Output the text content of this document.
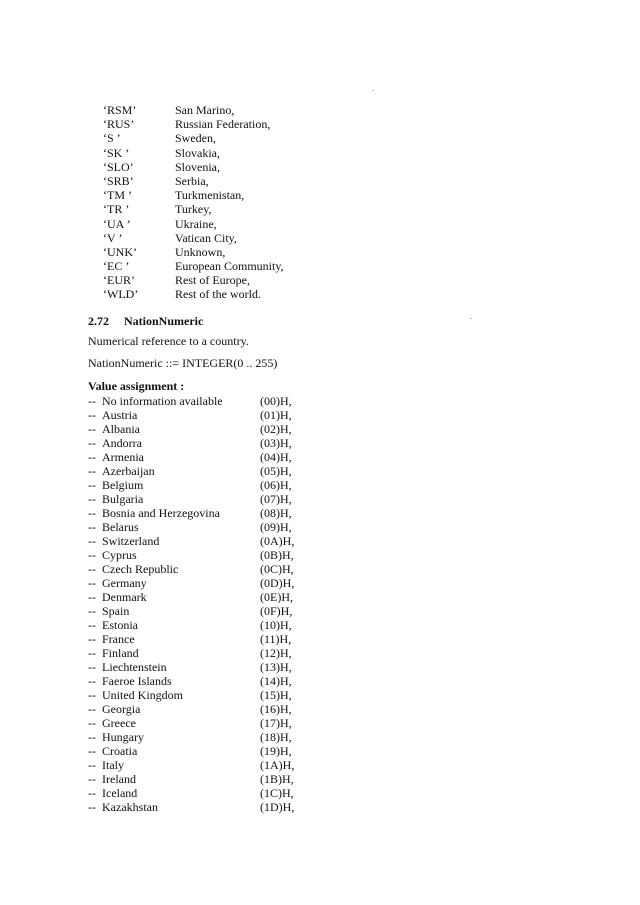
‘RSM’	San Marino,
‘RUS’	Russian Federation,
‘S ’	Sweden,
‘SK ’	Slovakia,
‘SLO’	Slovenia,
‘SRB’	Serbia,
‘TM ’	Turkmenistan,
‘TR ’	Turkey,
‘UA ’	Ukraine,
‘V ’	Vatican City,
‘UNK’	Unknown,
‘EC ’	European Community,
‘EUR’	Rest of Europe,
‘WLD’	Rest of the world.
2.72 NationNumeric
Numerical reference to a country.
NationNumeric ::= INTEGER(0 .. 255)
Value assignment :
-- No information available	(00)H,
-- Austria	(01)H,
-- Albania	(02)H,
-- Andorra	(03)H,
-- Armenia	(04)H,
-- Azerbaijan	(05)H,
-- Belgium	(06)H,
-- Bulgaria	(07)H,
-- Bosnia and Herzegovina	(08)H,
-- Belarus	(09)H,
-- Switzerland	(0A)H,
-- Cyprus	(0B)H,
-- Czech Republic	(0C)H,
-- Germany	(0D)H,
-- Denmark	(0E)H,
-- Spain	(0F)H,
-- Estonia	(10)H,
-- France	(11)H,
-- Finland	(12)H,
-- Liechtenstein	(13)H,
-- Faeroe Islands	(14)H,
-- United Kingdom	(15)H,
-- Georgia	(16)H,
-- Greece	(17)H,
-- Hungary	(18)H,
-- Croatia	(19)H,
-- Italy	(1A)H,
-- Ireland	(1B)H,
-- Iceland	(1C)H,
-- Kazakhstan	(1D)H,
